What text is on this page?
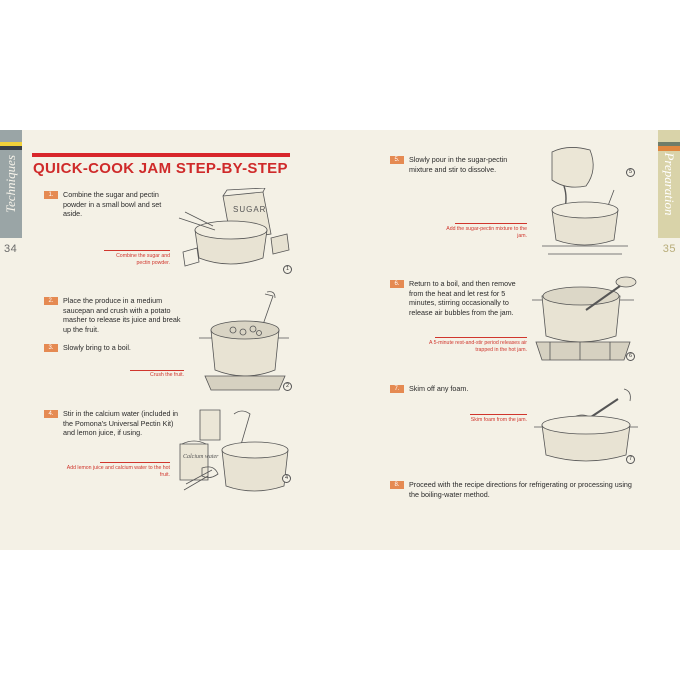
Techniques
34
Preparation
35
QUICK-COOK JAM STEP-BY-STEP
1. Combine the sugar and pectin powder in a small bowl and set aside.
Combine the sugar and pectin powder.
SUGAR
1
2. Place the produce in a medium saucepan and crush with a potato masher to release its juice and break up the fruit.
3. Slowly bring to a boil.
Crush the fruit.
2
4. Stir in the calcium water (included in the Pomona's Universal Pectin Kit) and lemon juice, if using.
Add lemon juice and calcium water to the hot fruit.
Calcium water
4
5. Slowly pour in the sugar-pectin mixture and stir to dissolve.
Add the sugar-pectin mixture to the jam.
5
6. Return to a boil, and then remove from the heat and let rest for 5 minutes, stirring occasionally to release air bubbles from the jam.
A 5-minute rest-and-stir period releases air trapped in the hot jam.
6
7. Skim off any foam.
Skim foam from the jam.
7
8. Proceed with the recipe directions for refrigerating or processing using the boiling-water method.
